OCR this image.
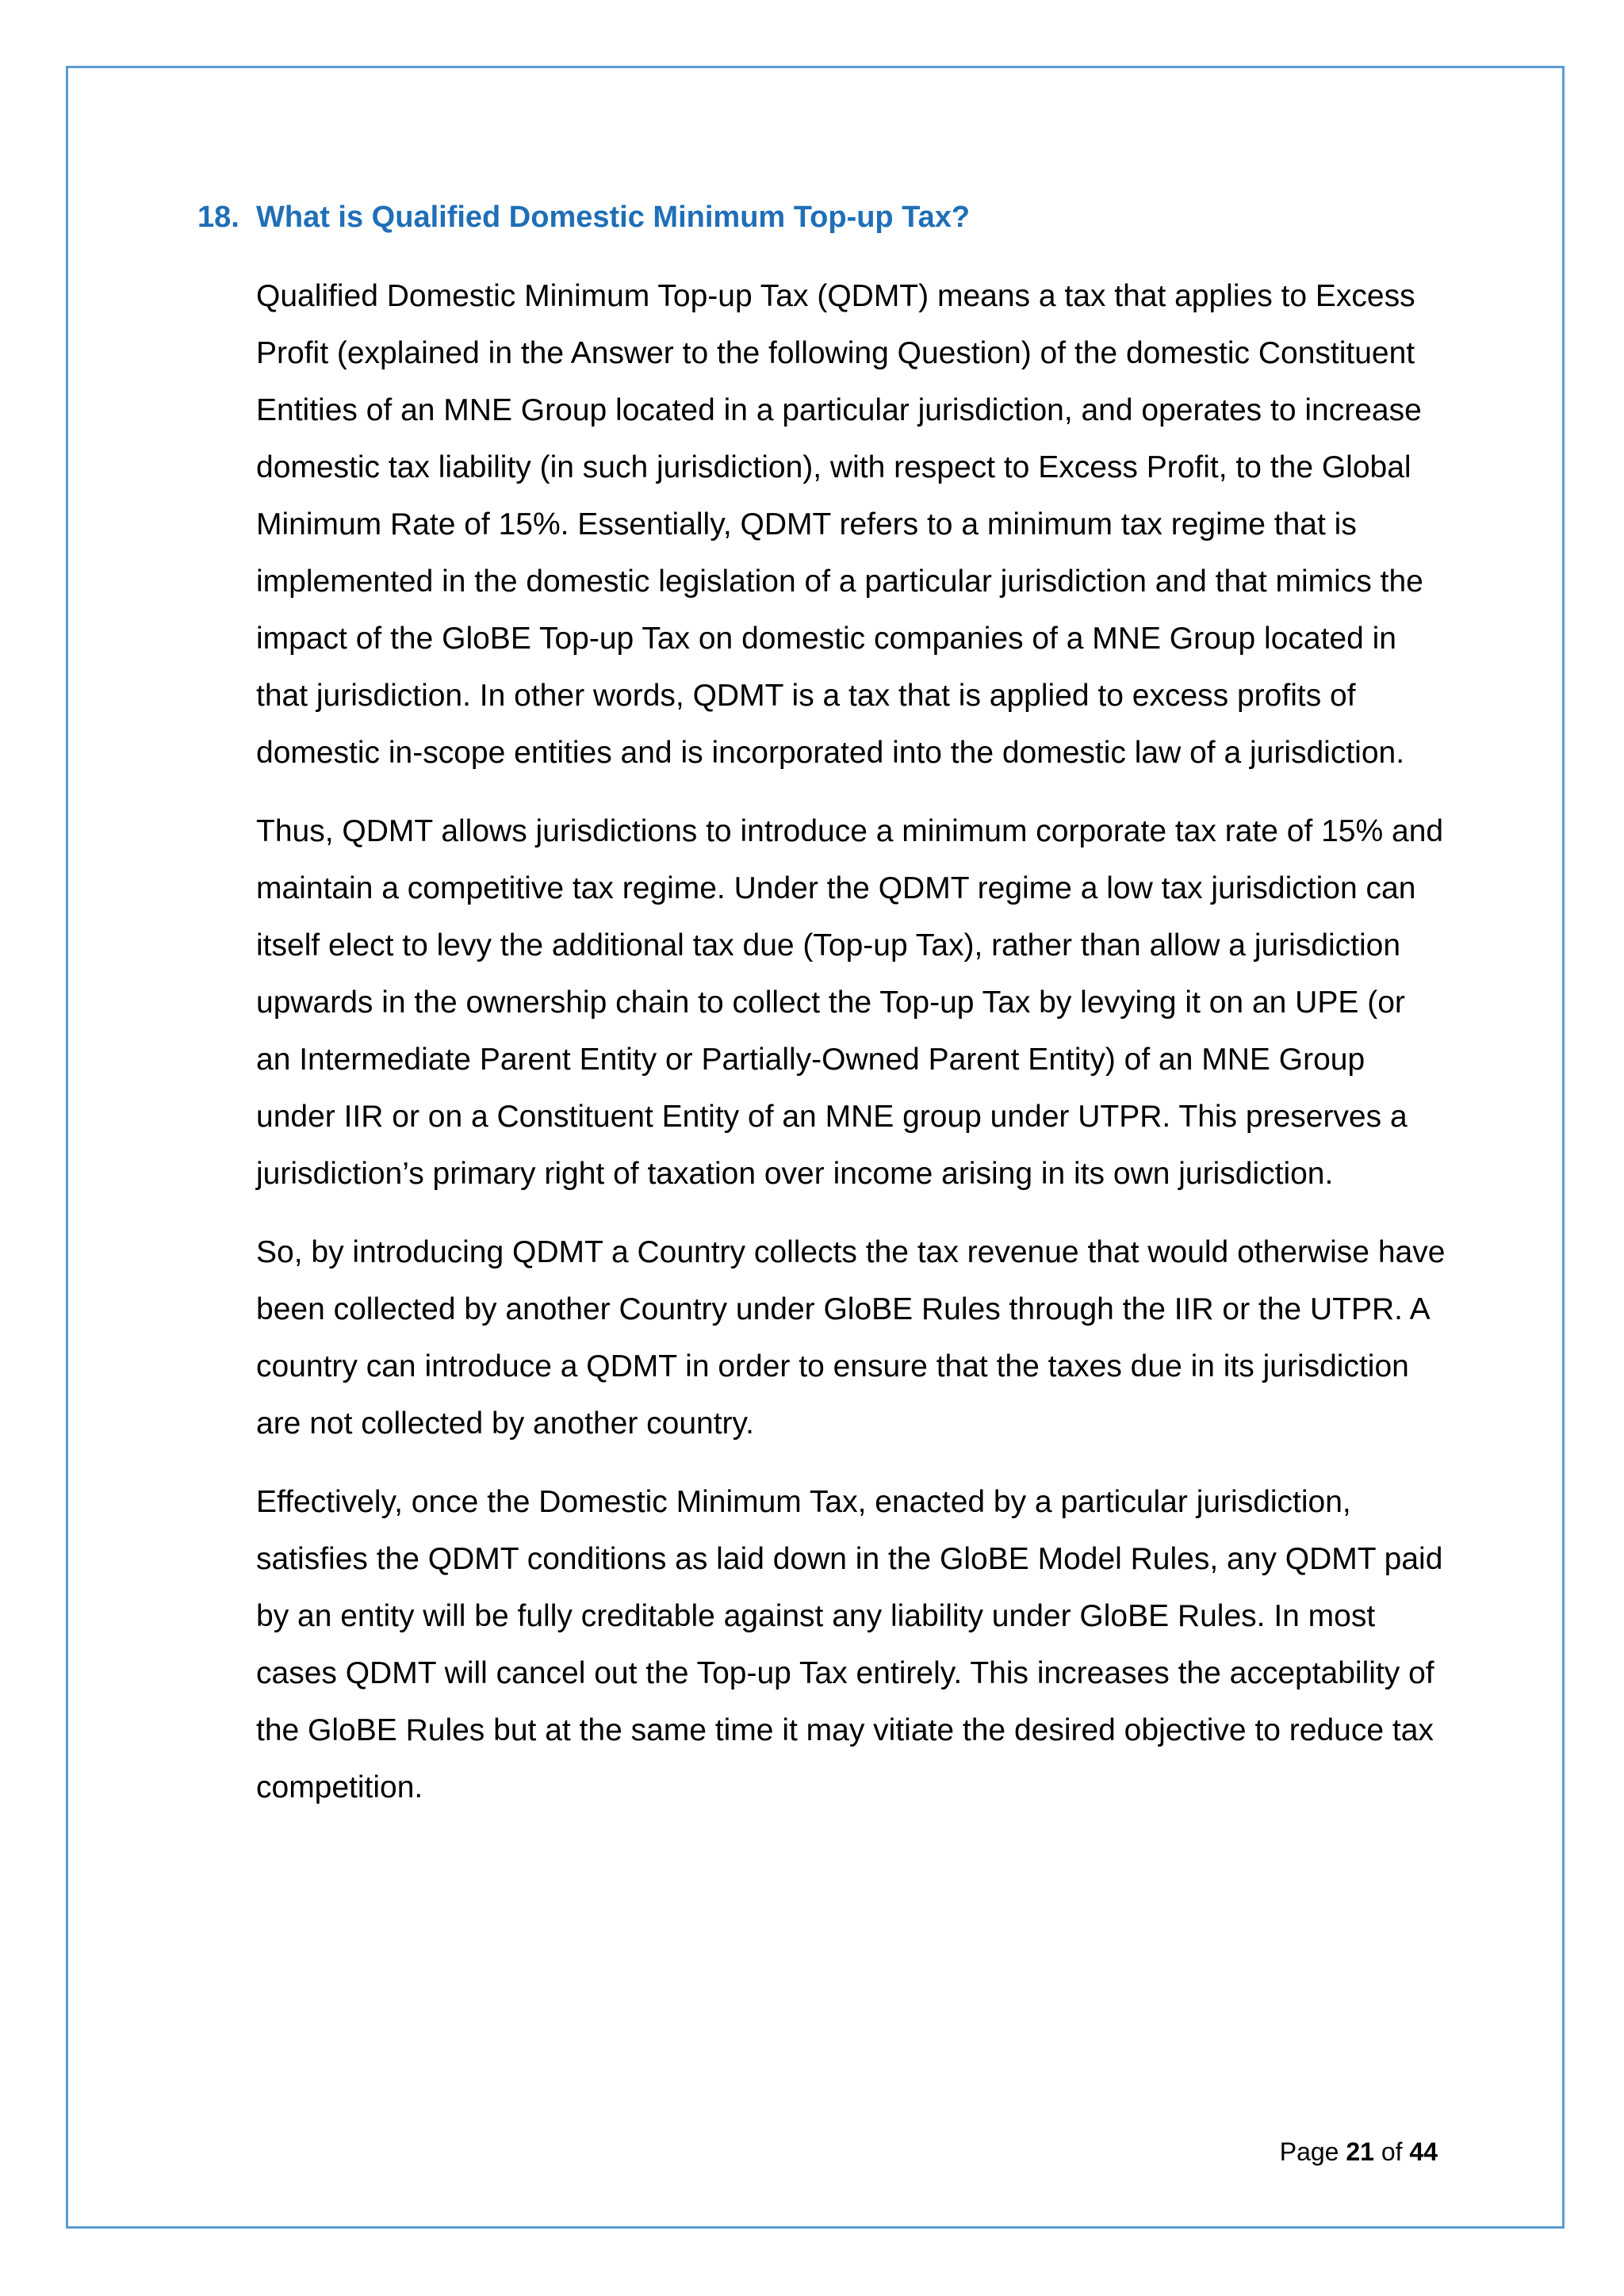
18. What is Qualified Domestic Minimum Top-up Tax?

Qualified Domestic Minimum Top-up Tax (QDMT) means a tax that applies to Excess Profit (explained in the Answer to the following Question) of the domestic Constituent Entities of an MNE Group located in a particular jurisdiction, and operates to increase domestic tax liability (in such jurisdiction), with respect to Excess Profit, to the Global Minimum Rate of 15%. Essentially, QDMT refers to a minimum tax regime that is implemented in the domestic legislation of a particular jurisdiction and that mimics the impact of the GloBE Top-up Tax on domestic companies of a MNE Group located in that jurisdiction. In other words, QDMT is a tax that is applied to excess profits of domestic in-scope entities and is incorporated into the domestic law of a jurisdiction.

Thus, QDMT allows jurisdictions to introduce a minimum corporate tax rate of 15% and maintain a competitive tax regime. Under the QDMT regime a low tax jurisdiction can itself elect to levy the additional tax due (Top-up Tax), rather than allow a jurisdiction upwards in the ownership chain to collect the Top-up Tax by levying it on an UPE (or an Intermediate Parent Entity or Partially-Owned Parent Entity) of an MNE Group under IIR or on a Constituent Entity of an MNE group under UTPR. This preserves a jurisdiction’s primary right of taxation over income arising in its own jurisdiction.

So, by introducing QDMT a Country collects the tax revenue that would otherwise have been collected by another Country under GloBE Rules through the IIR or the UTPR. A country can introduce a QDMT in order to ensure that the taxes due in its jurisdiction are not collected by another country.

Effectively, once the Domestic Minimum Tax, enacted by a particular jurisdiction, satisfies the QDMT conditions as laid down in the GloBE Model Rules, any QDMT paid by an entity will be fully creditable against any liability under GloBE Rules. In most cases QDMT will cancel out the Top-up Tax entirely. This increases the acceptability of the GloBE Rules but at the same time it may vitiate the desired objective to reduce tax competition.

Page 21 of 44
